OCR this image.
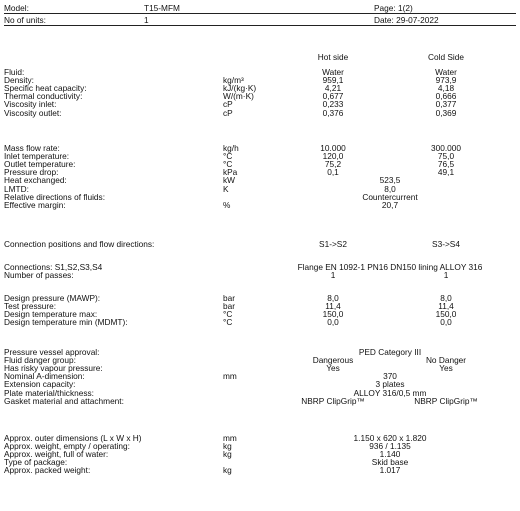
Model:	T15-MFM	Page: 1(2)
No of units:	1	Date: 29-07-2022
Hot side	Cold Side
Fluid:	Water	Water
Density:	kg/m³	959,1	973,9
Specific heat capacity:	kJ/(kg·K)	4,21	4,18
Thermal conductivity:	W/(m·K)	0,677	0,666
Viscosity inlet:	cP	0,233	0,377
Viscosity outlet:	cP	0,376	0,369
Mass flow rate:	kg/h	10.000	300.000
Inlet temperature:	°C	120,0	75,0
Outlet temperature:	°C	75,2	76,5
Pressure drop:	kPa	0,1	49,1
Heat exchanged:	kW	523,5
LMTD:	K	8,0
Relative directions of fluids:	Countercurrent
Effective margin:	%	20,7
Connection positions and flow directions:	S1->S2	S3->S4
Connections: S1,S2,S3,S4	Flange EN 1092-1 PN16 DN150 lining ALLOY 316
Number of passes:	1	1
Design pressure (MAWP):	bar	8,0	8,0
Test pressure:	bar	11,4	11,4
Design temperature max:	°C	150,0	150,0
Design temperature min (MDMT):	°C	0,0	0,0
Pressure vessel approval:	PED Category III
Fluid danger group:	Dangerous	No Danger
Has risky vapour pressure:	Yes	Yes
Nominal A-dimension:	mm	370
Extension capacity:	3 plates
Plate material/thickness:	ALLOY 316/0,5 mm
Gasket material and attachment:	NBRP ClipGrip™	NBRP ClipGrip™
Approx. outer dimensions (L x W x H)	mm	1.150 x 620 x 1.820
Approx. weight, empty / operating:	kg	936 / 1.135
Approx. weight, full of water:	kg	1.140
Type of package:	Skid base
Approx. packed weight:	kg	1.017
